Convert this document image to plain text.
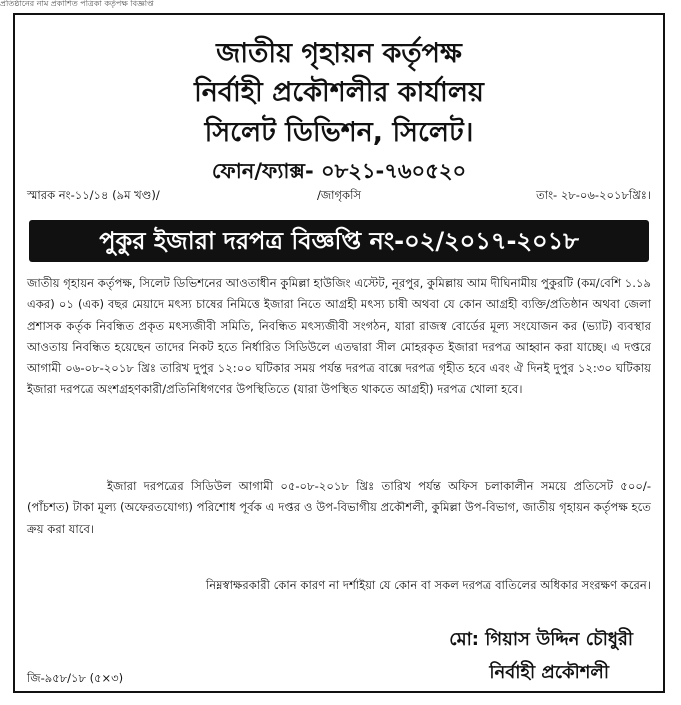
প্রতিষ্ঠানের নাম প্রকাশিত পত্রিকা কর্তৃপক্ষ বিজ্ঞপ্তি
জাতীয় গৃহায়ন কর্তৃপক্ষ
নির্বাহী প্রকৌশলীর কার্যালয়
সিলেট ডিভিশন, সিলেট।
ফোন/ফ্যাক্স- ০৮২১-৭৬০৫২০
স্মারক নং-১১/১৪ (৯ম খণ্ড)/	/জাগৃকসি	তাং- ২৮-০৬-২০১৮খ্রিঃ।
পুকুর ইজারা দরপত্র বিজ্ঞপ্তি নং-০২/২০১৭-২০১৮
জাতীয় গৃহায়ন কর্তৃপক্ষ, সিলেট ডিভিশনের আওতাধীন কুমিল্লা হাউজিং এস্টেট, নূরপুর, কুমিল্লায় আম দীঘিনামীয় পুকুরটি (কম/বেশি ১.১৯ একর) ০১ (এক) বছর মেয়াদে মৎস্য চাষের নিমিত্তে ইজারা নিতে আগ্রহী মৎস্য চাষী অথবা যে কোন আগ্রহী ব্যক্তি/প্রতিষ্ঠান অথবা জেলা প্রশাসক কর্তৃক নিবন্ধিত প্রকৃত মৎস্যজীবী সমিতি, নিবন্ধিত মৎস্যজীবী সংগঠন, যারা রাজস্ব বোর্ডের মূল্য সংযোজন কর (ভ্যাট) ব্যবস্থার আওতায় নিবন্ধিত হয়েছেন তাদের নিকট হতে নির্ধারিত সিডিউলে এতদ্বারা সীল মোহরকৃত ইজারা দরপত্র আহ্বান করা যাচ্ছে। এ দপ্তরে আগামী ০৬-০৮-২০১৮ খ্রিঃ তারিখ দুপুর ১২:০০ ঘটিকার সময় পর্যন্ত দরপত্র বাক্সে দরপত্র গৃহীত হবে এবং ঐ দিনই দুপুর ১২:৩০ ঘটিকায় ইজারা দরপত্রে অংশগ্রহণকারী/প্রতিনিধিগণের উপস্থিতিতে (যারা উপস্থিত থাকতে আগ্রহী) দরপত্র খোলা হবে।
ইজারা দরপত্রের সিডিউল আগামী ০৫-০৮-২০১৮ খ্রিঃ তারিখ পর্যন্ত অফিস চলাকালীন সময়ে প্রতিসেট ৫০০/- (পাঁচশত) টাকা মূল্য (অফেরতযোগ্য) পরিশোধ পূর্বক এ দপ্তর ও উপ-বিভাগীয় প্রকৌশলী, কুমিল্লা উপ-বিভাগ, জাতীয় গৃহায়ন কর্তৃপক্ষ হতে ক্রয় করা যাবে।
নিম্নস্বাক্ষরকারী কোন কারণ না দর্শাইয়া যে কোন বা সকল দরপত্র বাতিলের অধিকার সংরক্ষণ করেন।
মো: গিয়াস উদ্দিন চৌধুরী
নির্বাহী প্রকৌশলী
জি-৯৫৮/১৮ (৫×৩)
